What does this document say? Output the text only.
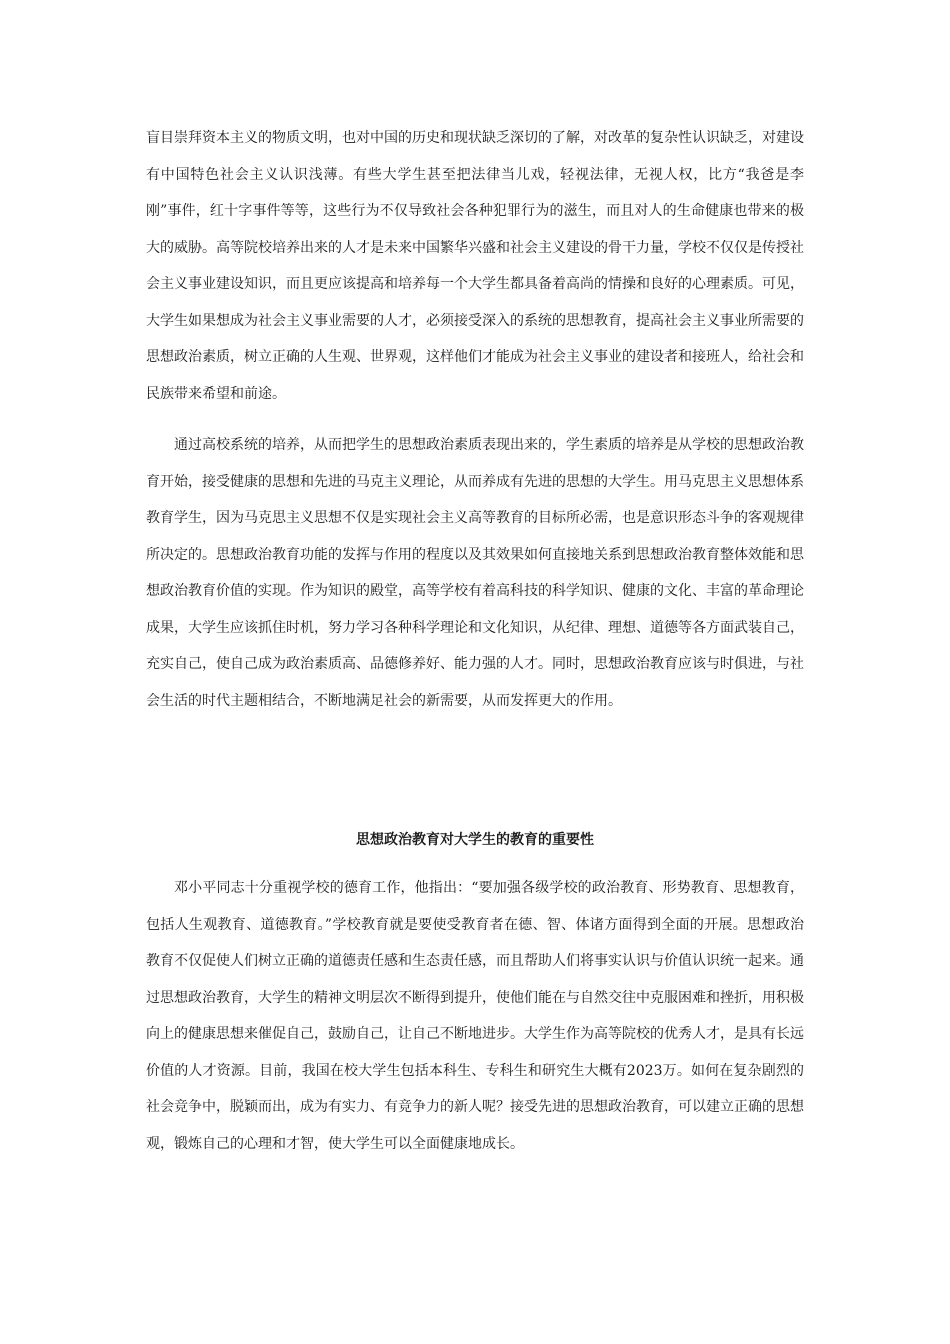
盲目崇拜资本主义的物质文明，也对中国的历史和现状缺乏深切的了解，对改革的复杂性认识缺乏，对建设有中国特色社会主义认识浅薄。有些大学生甚至把法律当儿戏，轻视法律，无视人权，比方“我爸是李刚”事件，红十字事件等等，这些行为不仅导致社会各种犯罪行为的滋生，而且对人的生命健康也带来的极大的威胁。高等院校培养出来的人才是未来中国繁华兴盛和社会主义建设的骨干力量，学校不仅仅是传授社会主义事业建设知识，而且更应该提高和培养每一个大学生都具备着高尚的情操和良好的心理素质。可见，大学生如果想成为社会主义事业需要的人才，必须接受深入的系统的思想教育，提高社会主义事业所需要的思想政治素质，树立正确的人生观、世界观，这样他们才能成为社会主义事业的建设者和接班人，给社会和民族带来希望和前途。

通过高校系统的培养，从而把学生的思想政治素质表现出来的，学生素质的培养是从学校的思想政治教育开始，接受健康的思想和先进的马克主义理论，从而养成有先进的思想的大学生。用马克思主义思想体系教育学生，因为马克思主义思想不仅是实现社会主义高等教育的目标所必需，也是意识形态斗争的客观规律所决定的。思想政治教育功能的发挥与作用的程度以及其效果如何直接地关系到思想政治教育整体效能和思想政治教育价值的实现。作为知识的殿堂，高等学校有着高科技的科学知识、健康的文化、丰富的革命理论成果，大学生应该抓住时机，努力学习各种科学理论和文化知识，从纪律、理想、道德等各方面武装自己，充实自己，使自己成为政治素质高、品德修养好、能力强的人才。同时，思想政治教育应该与时俱进，与社会生活的时代主题相结合，不断地满足社会的新需要，从而发挥更大的作用。

思想政治教育对大学生的教育的重要性

邓小平同志十分重视学校的德育工作，他指出：“要加强各级学校的政治教育、形势教育、思想教育，包括人生观教育、道德教育。”学校教育就是要使受教育者在德、智、体诸方面得到全面的开展。思想政治教育不仅促使人们树立正确的道德责任感和生态责任感，而且帮助人们将事实认识与价值认识统一起来。通过思想政治教育，大学生的精神文明层次不断得到提升，使他们能在与自然交往中克服困难和挫折，用积极向上的健康思想来催促自己，鼓励自己，让自己不断地进步。大学生作为高等院校的优秀人才，是具有长远价值的人才资源。目前，我国在校大学生包括本科生、专科生和研究生大概有2023万。如何在复杂剧烈的社会竞争中，脱颖而出，成为有实力、有竞争力的新人呢？接受先进的思想政治教育，可以建立正确的思想观，锻炼自己的心理和才智，使大学生可以全面健康地成长。
